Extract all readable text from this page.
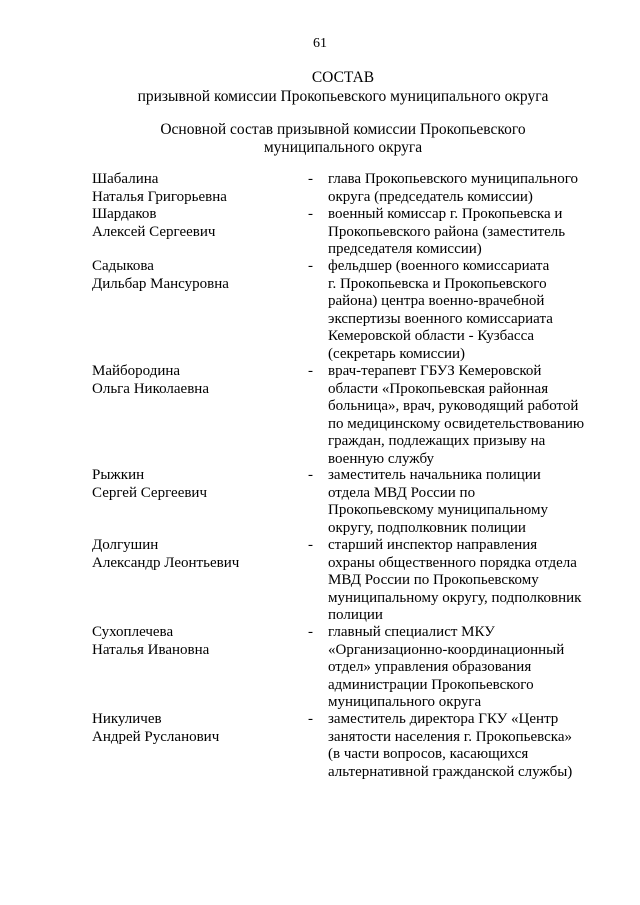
61
СОСТАВ
призывной комиссии Прокопьевского муниципального округа
Основной состав призывной комиссии Прокопьевского
муниципального округа
Шабалина
Наталья Григорьевна
- глава Прокопьевского муниципального
округа (председатель комиссии)
Шардаков
Алексей Сергеевич
- военный комиссар г. Прокопьевска и
Прокопьевского района (заместитель
председателя комиссии)
Садыкова
Дильбар Мансуровна
- фельдшер (военного комиссариата
г. Прокопьевска и Прокопьевского
района) центра военно-врачебной
экспертизы военного комиссариата
Кемеровской области - Кузбасса
(секретарь комиссии)
Майбородина
Ольга Николаевна
- врач-терапевт ГБУЗ Кемеровской
области «Прокопьевская районная
больница», врач, руководящий работой
по медицинскому освидетельствованию
граждан, подлежащих призыву на
военную службу
Рыжкин
Сергей Сергеевич
- заместитель начальника полиции
отдела МВД России по
Прокопьевскому муниципальному
округу, подполковник полиции
Долгушин
Александр Леонтьевич
- старший инспектор направления
охраны общественного порядка отдела
МВД России по Прокопьевскому
муниципальному округу, подполковник
полиции
Сухоплечева
Наталья Ивановна
- главный специалист МКУ
«Организационно-координационный
отдел» управления образования
администрации Прокопьевского
муниципального округа
Никуличев
Андрей Русланович
- заместитель директора ГКУ «Центр
занятости населения г. Прокопьевска»
(в части вопросов, касающихся
альтернативной гражданской службы)
